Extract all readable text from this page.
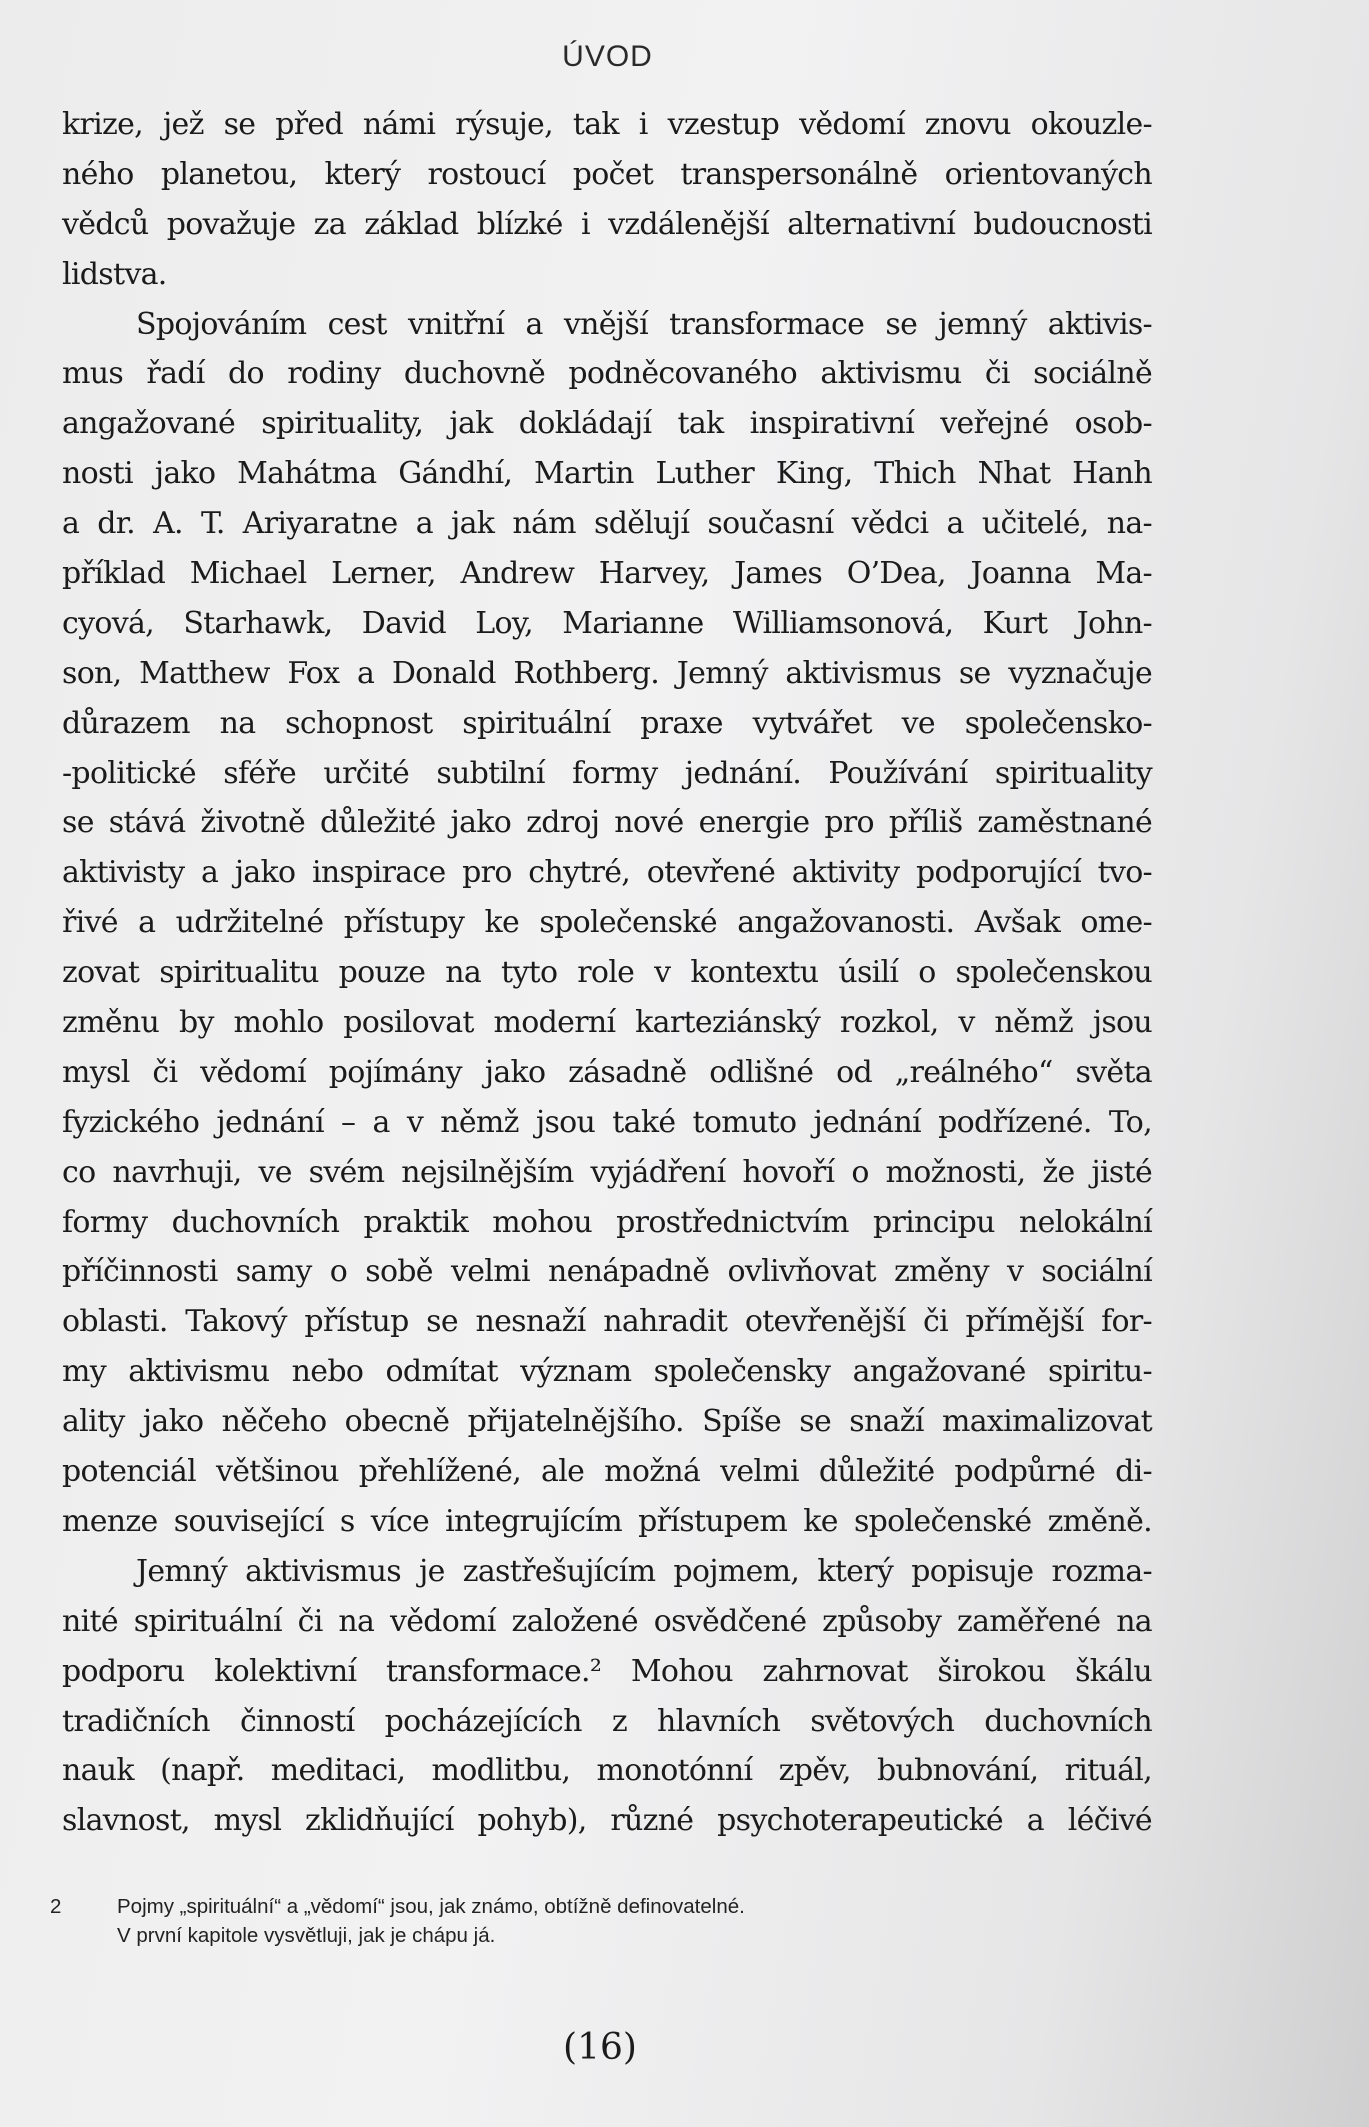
ÚVOD
krize, jež se před námi rýsuje, tak i vzestup vědomí znovu okouzle-
ného planetou, který rostoucí počet transpersonálně orientovaných
vědců považuje za základ blízké i vzdálenější alternativní budoucnosti
lidstva.
Spojováním cest vnitřní a vnější transformace se jemný aktivis-
mus řadí do rodiny duchovně podněcovaného aktivismu či sociálně
angažované spirituality, jak dokládají tak inspirativní veřejné osob-
nosti jako Mahátma Gándhí, Martin Luther King, Thich Nhat Hanh
a dr. A. T. Ariyaratne a jak nám sdělují současní vědci a učitelé, na-
příklad Michael Lerner, Andrew Harvey, James O’Dea, Joanna Ma-
cyová, Starhawk, David Loy, Marianne Williamsonová, Kurt John-
son, Matthew Fox a Donald Rothberg. Jemný aktivismus se vyznačuje
důrazem na schopnost spirituální praxe vytvářet ve společensko-
-politické sféře určité subtilní formy jednání. Používání spirituality
se stává životně důležité jako zdroj nové energie pro příliš zaměstnané
aktivisty a jako inspirace pro chytré, otevřené aktivity podporující tvo-
řivé a udržitelné přístupy ke společenské angažovanosti. Avšak ome-
zovat spiritualitu pouze na tyto role v kontextu úsilí o společenskou
změnu by mohlo posilovat moderní karteziánský rozkol, v němž jsou
mysl či vědomí pojímány jako zásadně odlišné od „reálného“ světa
fyzického jednání – a v němž jsou také tomuto jednání podřízené. To,
co navrhuji, ve svém nejsilnějším vyjádření hovoří o možnosti, že jisté
formy duchovních praktik mohou prostřednictvím principu nelokální
příčinnosti samy o sobě velmi nenápadně ovlivňovat změny v sociální
oblasti. Takový přístup se nesnaží nahradit otevřenější či přímější for-
my aktivismu nebo odmítat význam společensky angažované spiritu-
ality jako něčeho obecně přijatelnějšího. Spíše se snaží maximalizovat
potenciál většinou přehlížené, ale možná velmi důležité podpůrné di-
menze související s více integrujícím přístupem ke společenské změně.
Jemný aktivismus je zastřešujícím pojmem, který popisuje rozma-
nité spirituální či na vědomí založené osvědčené způsoby zaměřené na
podporu kolektivní transformace.² Mohou zahrnovat širokou škálu
tradičních činností pocházejících z hlavních světových duchovních
nauk (např. meditaci, modlitbu, monotónní zpěv, bubnování, rituál,
slavnost, mysl zklidňující pohyb), různé psychoterapeutické a léčivé
2	Pojmy „spirituální“ a „vědomí“ jsou, jak známo, obtížně definovatelné.
V první kapitole vysvětluji, jak je chápu já.
(16)
